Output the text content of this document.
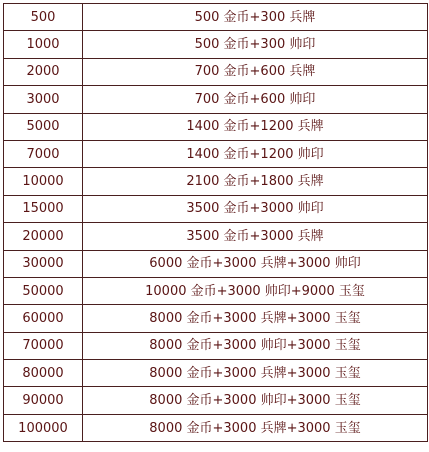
500	500 金币+300 兵牌
1000	500 金币+300 帅印
2000	700 金币+600 兵牌
3000	700 金币+600 帅印
5000	1400 金币+1200 兵牌
7000	1400 金币+1200 帅印
10000	2100 金币+1800 兵牌
15000	3500 金币+3000 帅印
20000	3500 金币+3000 兵牌
30000	6000 金币+3000 兵牌+3000 帅印
50000	10000 金币+3000 帅印+9000 玉玺
60000	8000 金币+3000 兵牌+3000 玉玺
70000	8000 金币+3000 帅印+3000 玉玺
80000	8000 金币+3000 兵牌+3000 玉玺
90000	8000 金币+3000 帅印+3000 玉玺
100000	8000 金币+3000 兵牌+3000 玉玺
